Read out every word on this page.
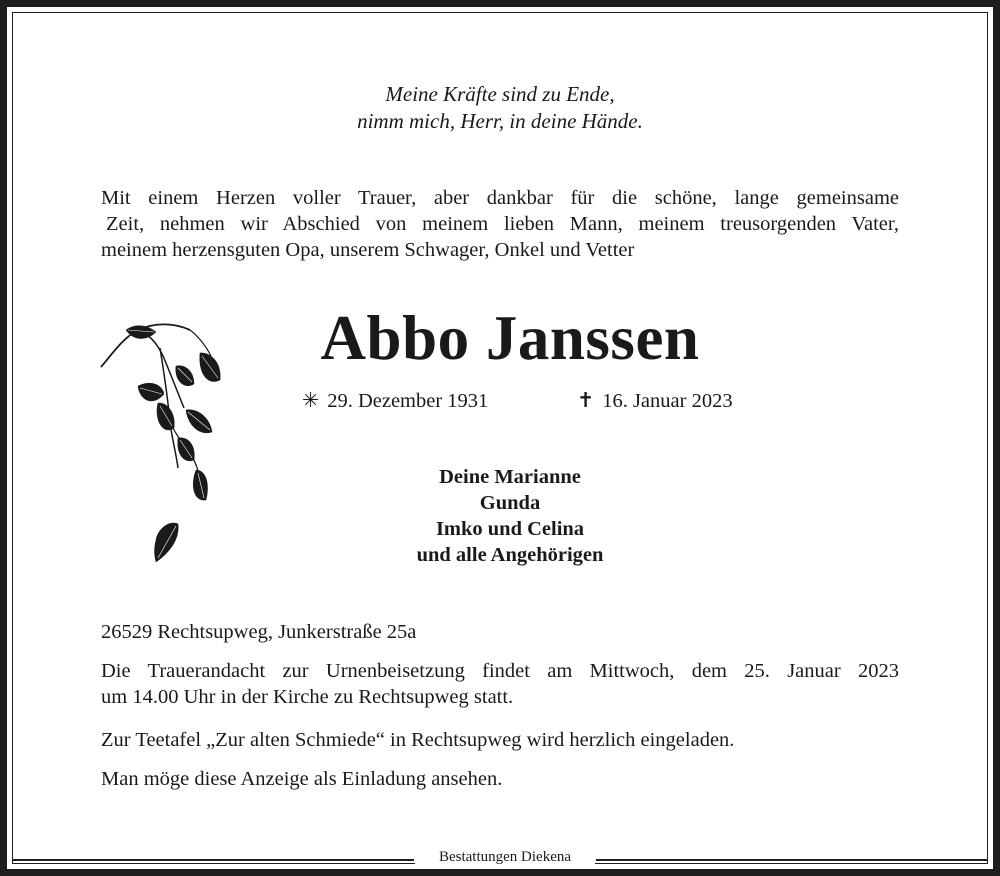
Meine Kräfte sind zu Ende,
nimm mich, Herr, in deine Hände.
Mit einem Herzen voller Trauer, aber dankbar für die schöne, lange gemeinsame
Zeit, nehmen wir Abschied von meinem lieben Mann, meinem treusorgenden Vater,
meinem herzensguten Opa, unserem Schwager, Onkel und Vetter
Abbo Janssen
✳ 29. Dezember 1931	✝ 16. Januar 2023
Deine Marianne
Gunda
Imko und Celina
und alle Angehörigen
26529 Rechtsupweg, Junkerstraße 25a
Die Trauerandacht zur Urnenbeisetzung findet am Mittwoch, dem 25. Januar 2023
um 14.00 Uhr in der Kirche zu Rechtsupweg statt.
Zur Teetafel „Zur alten Schmiede“ in Rechtsupweg wird herzlich eingeladen.
Man möge diese Anzeige als Einladung ansehen.
Bestattungen Diekena
